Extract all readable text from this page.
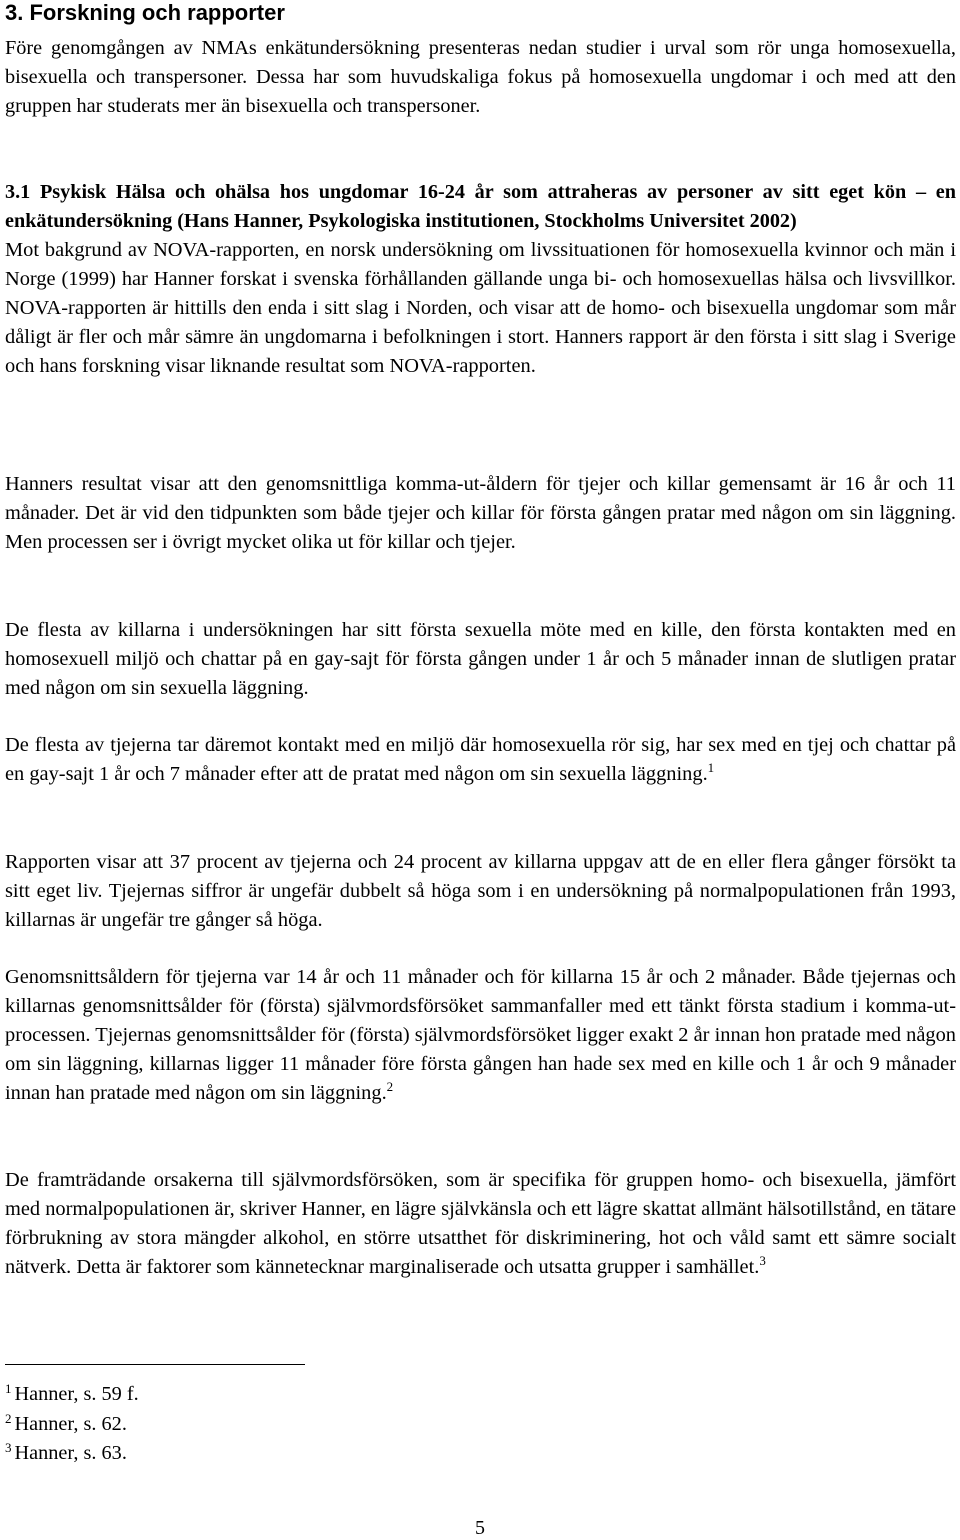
3. Forskning och rapporter

Före genomgången av NMAs enkätundersökning presenteras nedan studier i urval som rör unga homosexuella, bisexuella och transpersoner. Dessa har som huvudskaliga fokus på homosexuella ungdomar i och med att den gruppen har studerats mer än bisexuella och transpersoner.

3.1 Psykisk Hälsa och ohälsa hos ungdomar 16-24 år som attraheras av personer av sitt eget kön – en enkätundersökning (Hans Hanner, Psykologiska institutionen, Stockholms Universitet 2002)

Mot bakgrund av NOVA-rapporten, en norsk undersökning om livssituationen för homosexuella kvinnor och män i Norge (1999) har Hanner forskat i svenska förhållanden gällande unga bi- och homosexuellas hälsa och livsvillkor. NOVA-rapporten är hittills den enda i sitt slag i Norden, och visar att de homo- och bisexuella ungdomar som mår dåligt är fler och mår sämre än ungdomarna i befolkningen i stort. Hanners rapport är den första i sitt slag i Sverige och hans forskning visar liknande resultat som NOVA-rapporten.

Hanners resultat visar att den genomsnittliga komma-ut-åldern för tjejer och killar gemensamt är 16 år och 11 månader. Det är vid den tidpunkten som både tjejer och killar för första gången pratar med någon om sin läggning. Men processen ser i övrigt mycket olika ut för killar och tjejer.

De flesta av killarna i undersökningen har sitt första sexuella möte med en kille, den första kontakten med en homosexuell miljö och chattar på en gay-sajt för första gången under 1 år och 5 månader innan de slutligen pratar med någon om sin sexuella läggning.

De flesta av tjejerna tar däremot kontakt med en miljö där homosexuella rör sig, har sex med en tjej och chattar på en gay-sajt 1 år och 7 månader efter att de pratat med någon om sin sexuella läggning.$^1$

Rapporten visar att 37 procent av tjejerna och 24 procent av killarna uppgav att de en eller flera gånger försökt ta sitt eget liv. Tjejernas siffror är ungefär dubbelt så höga som i en undersökning på normalpopulationen från 1993, killarnas är ungefär tre gånger så höga.

Genomsnittsåldern för tjejerna var 14 år och 11 månader och för killarna 15 år och 2 månader. Både tjejernas och killarnas genomsnittsålder för (första) självmordsförsöket sammanfaller med ett tänkt första stadium i komma-ut-processen. Tjejernas genomsnittsålder för (första) självmordsförsöket ligger exakt 2 år innan hon pratade med någon om sin läggning, killarnas ligger 11 månader före första gången han hade sex med en kille och 1 år och 9 månader innan han pratade med någon om sin läggning.$^2$

De framträdande orsakerna till självmordsförsöken, som är specifika för gruppen homo- och bisexuella, jämfört med normalpopulationen är, skriver Hanner, en lägre självkänsla och ett lägre skattat allmänt hälsotillstånd, en tätare förbrukning av stora mängder alkohol, en större utsatthet för diskriminering, hot och våld samt ett sämre socialt nätverk. Detta är faktorer som kännetecknar marginaliserade och utsatta grupper i samhället.$^3$

$^1$ Hanner, s. 59 f.

$^2$ Hanner, s. 62.

$^3$ Hanner, s. 63.

5
